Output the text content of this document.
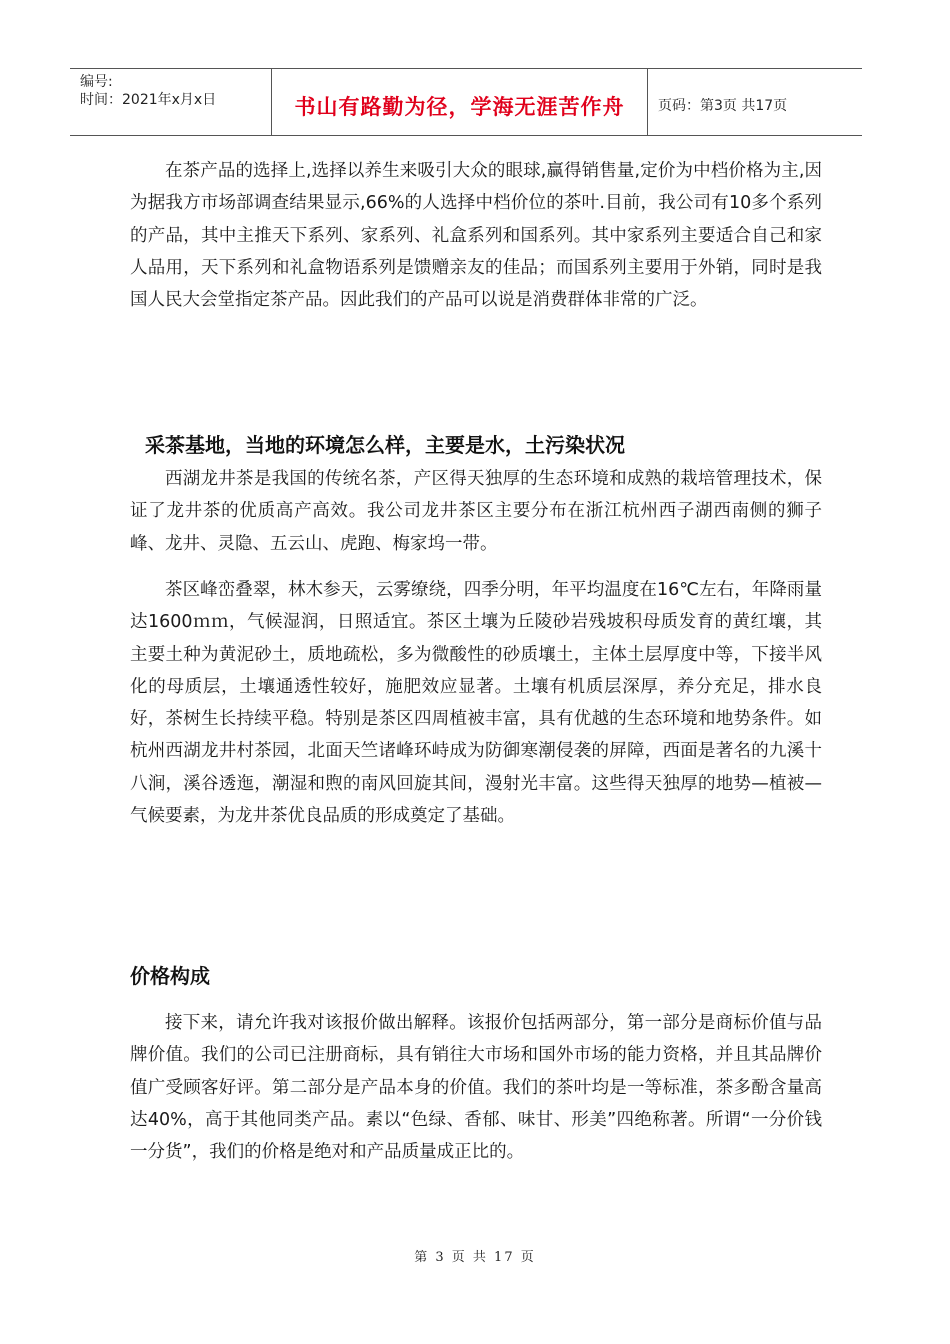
编号:
时间：2021年x月x日	书山有路勤为径，学海无涯苦作舟	页码：第3页 共17页

在茶产品的选择上,选择以养生来吸引大众的眼球,赢得销售量,定价为中档价格为主,因为据我方市场部调查结果显示,66%的人选择中档价位的茶叶.目前，我公司有10多个系列的产品，其中主推天下系列、家系列、礼盒系列和国系列。其中家系列主要适合自己和家人品用，天下系列和礼盒物语系列是馈赠亲友的佳品；而国系列主要用于外销，同时是我国人民大会堂指定茶产品。因此我们的产品可以说是消费群体非常的广泛。

采茶基地，当地的环境怎么样，主要是水，土污染状况

西湖龙井茶是我国的传统名茶，产区得天独厚的生态环境和成熟的栽培管理技术，保证了龙井茶的优质高产高效。我公司龙井茶区主要分布在浙江杭州西子湖西南侧的狮子峰、龙井、灵隐、五云山、虎跑、梅家坞一带。

茶区峰峦叠翠，林木参天，云雾缭绕，四季分明，年平均温度在16℃左右，年降雨量达1600ｍｍ，气候湿润，日照适宜。茶区土壤为丘陵砂岩残坡积母质发育的黄红壤，其主要土种为黄泥砂土，质地疏松，多为微酸性的砂质壤土，主体土层厚度中等，下接半风化的母质层，土壤通透性较好，施肥效应显著。土壤有机质层深厚，养分充足，排水良好，茶树生长持续平稳。特别是茶区四周植被丰富，具有优越的生态环境和地势条件。如杭州西湖龙井村茶园，北面天竺诸峰环峙成为防御寒潮侵袭的屏障，西面是著名的九溪十八涧，溪谷透迤，潮湿和煦的南风回旋其间，漫射光丰富。这些得天独厚的地势—植被—气候要素，为龙井茶优良品质的形成奠定了基础。

价格构成

接下来，请允许我对该报价做出解释。该报价包括两部分，第一部分是商标价值与品牌价值。我们的公司已注册商标，具有销往大市场和国外市场的能力资格，并且其品牌价值广受顾客好评。第二部分是产品本身的价值。我们的茶叶均是一等标准，茶多酚含量高达40%，高于其他同类产品。素以“色绿、香郁、味甘、形美”四绝称著。所谓“一分价钱一分货”，我们的价格是绝对和产品质量成正比的。

第 3 页 共 17 页
